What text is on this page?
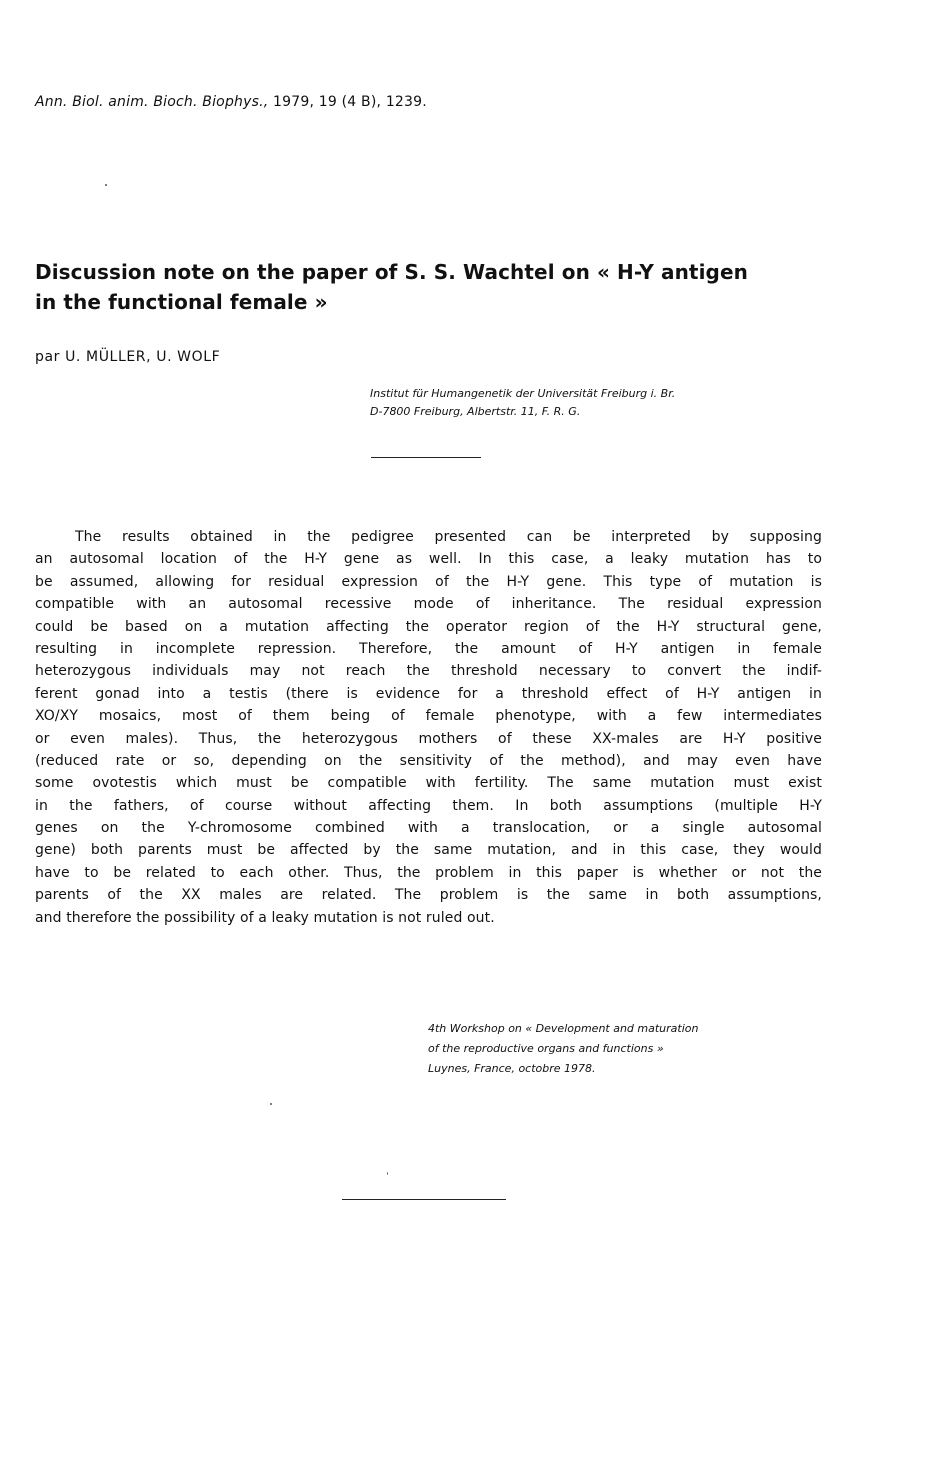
Ann. Biol. anim. Bioch. Biophys., 1979, 19 (4 B), 1239.
Discussion note on the paper of S. S. Wachtel on « H-Y antigen
in the functional female »
par U. MÜLLER, U. WOLF
Institut für Humangenetik der Universität Freiburg i. Br.
D-7800 Freiburg, Albertstr. 11, F. R. G.
The results obtained in the pedigree presented can be interpreted by supposing
an autosomal location of the H-Y gene as well. In this case, a leaky mutation has to
be assumed, allowing for residual expression of the H-Y gene. This type of mutation is
compatible with an autosomal recessive mode of inheritance. The residual expression
could be based on a mutation affecting the operator region of the H-Y structural gene,
resulting in incomplete repression. Therefore, the amount of H-Y antigen in female
heterozygous individuals may not reach the threshold necessary to convert the indif-
ferent gonad into a testis (there is evidence for a threshold effect of H-Y antigen in
XO/XY mosaics, most of them being of female phenotype, with a few intermediates
or even males). Thus, the heterozygous mothers of these XX-males are H-Y positive
(reduced rate or so, depending on the sensitivity of the method), and may even have
some ovotestis which must be compatible with fertility. The same mutation must exist
in the fathers, of course without affecting them. In both assumptions (multiple H-Y
genes on the Y-chromosome combined with a translocation, or a single autosomal
gene) both parents must be affected by the same mutation, and in this case, they would
have to be related to each other. Thus, the problem in this paper is whether or not the
parents of the XX males are related. The problem is the same in both assumptions,
and therefore the possibility of a leaky mutation is not ruled out.
4th Workshop on « Development and maturation
of the reproductive organs and functions »
Luynes, France, octobre 1978.
